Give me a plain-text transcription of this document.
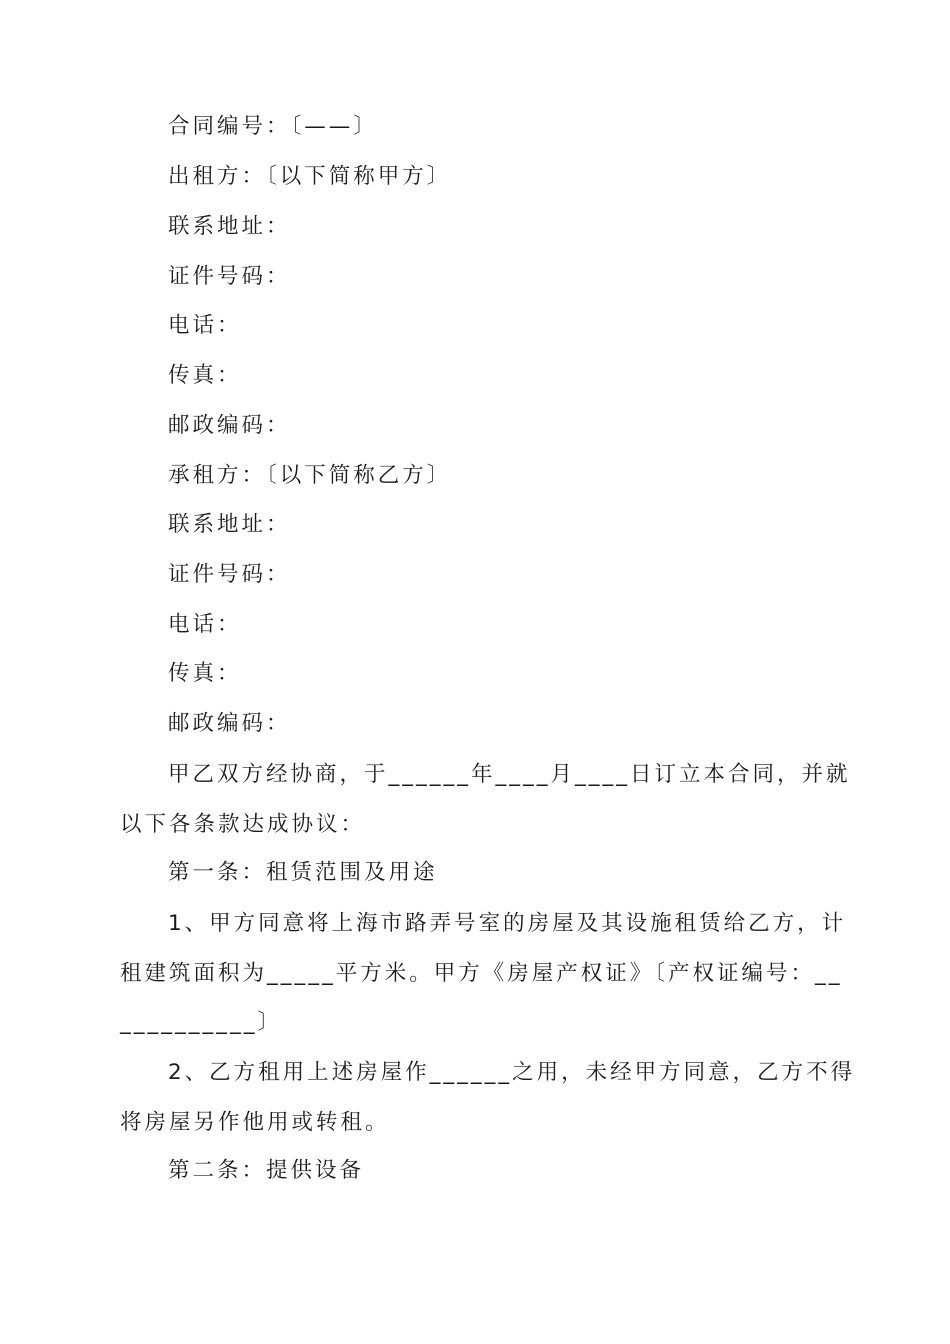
合同编号：〔——〕
出租方：〔以下简称甲方〕
联系地址：
证件号码：
电话：
传真：
邮政编码：
承租方：〔以下简称乙方〕
联系地址：
证件号码：
电话：
传真：
邮政编码：
甲乙双方经协商，于______年____月____日订立本合同，并就
以下各条款达成协议：
第一条：租赁范围及用途
1、甲方同意将上海市路弄号室的房屋及其设施租赁给乙方，计
租建筑面积为_____平方米。甲方《房屋产权证》〔产权证编号：__
__________〕
2、乙方租用上述房屋作______之用，未经甲方同意，乙方不得
将房屋另作他用或转租。
第二条：提供设备
